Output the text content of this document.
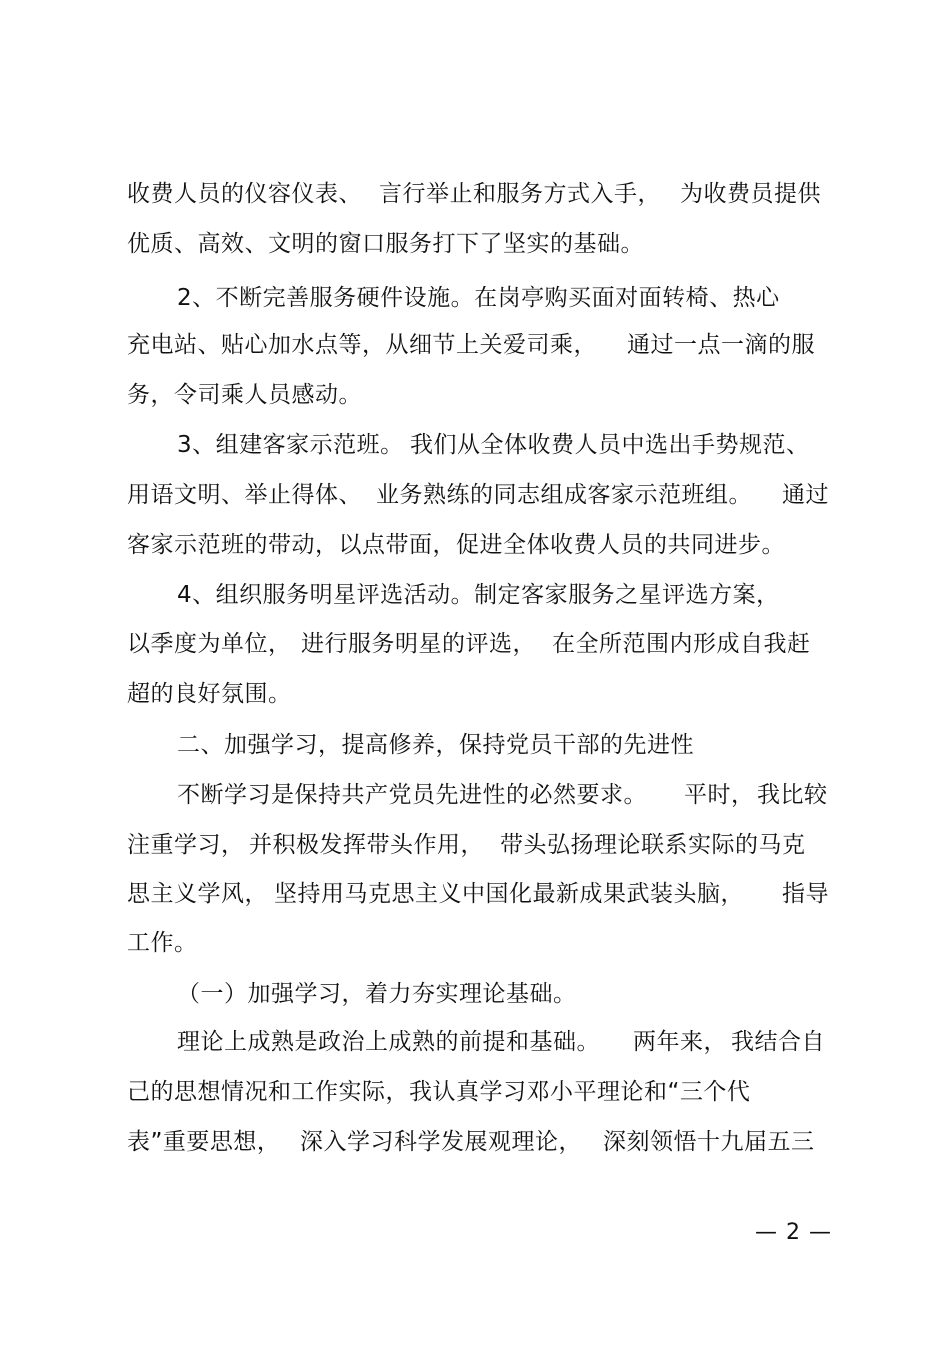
收费人员的仪容仪表、 言行举止和服务方式入手， 为收费员提供
优质、高效、文明的窗口服务打下了坚实的基础。
2、不断完善服务硬件设施。在岗亭购买面对面转椅、热心
充电站、贴心加水点等，从细节上关爱司乘， 通过一点一滴的服
务，令司乘人员感动。
3、组建客家示范班。 我们从全体收费人员中选出手势规范、
用语文明、举止得体、 业务熟练的同志组成客家示范班组。 通过
客家示范班的带动，以点带面，促进全体收费人员的共同进步。
4、组织服务明星评选活动。制定客家服务之星评选方案，
以季度为单位， 进行服务明星的评选， 在全所范围内形成自我赶
超的良好氛围。
二、加强学习，提高修养，保持党员干部的先进性
不断学习是保持共产党员先进性的必然要求。 平时， 我比较
注重学习， 并积极发挥带头作用， 带头弘扬理论联系实际的马克
思主义学风， 坚持用马克思主义中国化最新成果武装头脑， 指导
工作。
（一）加强学习，着力夯实理论基础。
理论上成熟是政治上成熟的前提和基础。 两年来， 我结合自
己的思想情况和工作实际，我认真学习邓小平理论和“三个代
表”重要思想， 深入学习科学发展观理论， 深刻领悟十九届五三
— 2 —
